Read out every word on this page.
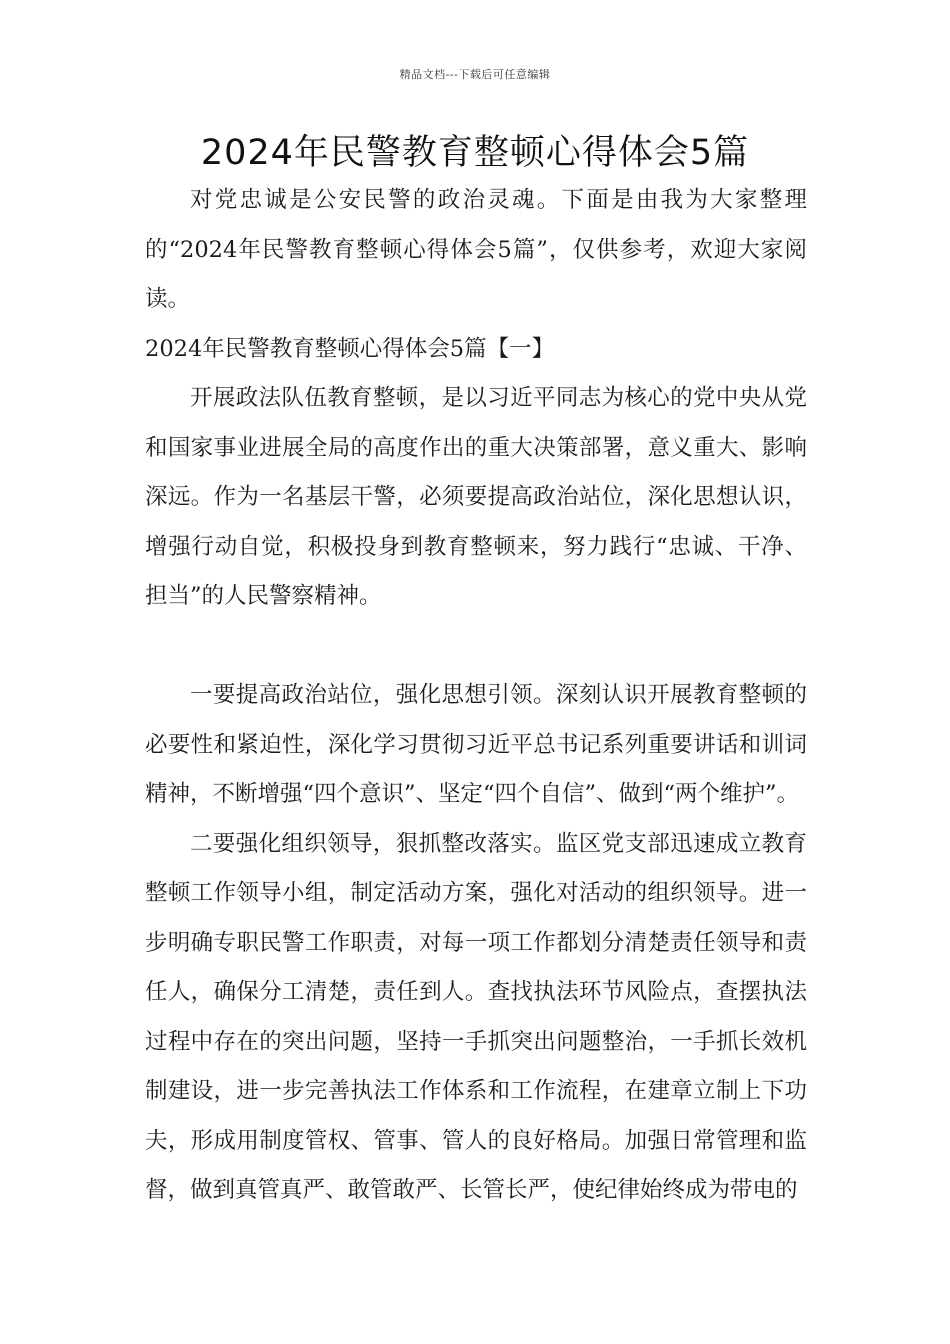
精品文档---下载后可任意编辑
2024年民警教育整顿心得体会5篇

对党忠诚是公安民警的政治灵魂。下面是由我为大家整理的“2024年民警教育整顿心得体会5篇”，仅供参考，欢迎大家阅读。

2024年民警教育整顿心得体会5篇【一】

开展政法队伍教育整顿，是以习近平同志为核心的党中央从党和国家事业进展全局的高度作出的重大决策部署，意义重大、影响深远。作为一名基层干警，必须要提高政治站位，深化思想认识，增强行动自觉，积极投身到教育整顿来，努力践行“忠诚、干净、担当”的人民警察精神。

一要提高政治站位，强化思想引领。深刻认识开展教育整顿的必要性和紧迫性，深化学习贯彻习近平总书记系列重要讲话和训词精神，不断增强“四个意识”、坚定“四个自信”、做到“两个维护”。

二要强化组织领导，狠抓整改落实。监区党支部迅速成立教育整顿工作领导小组，制定活动方案，强化对活动的组织领导。进一步明确专职民警工作职责，对每一项工作都划分清楚责任领导和责任人，确保分工清楚，责任到人。查找执法环节风险点，查摆执法过程中存在的突出问题，坚持一手抓突出问题整治，一手抓长效机制建设，进一步完善执法工作体系和工作流程，在建章立制上下功夫，形成用制度管权、管事、管人的良好格局。加强日常管理和监督，做到真管真严、敢管敢严、长管长严，使纪律始终成为带电的
